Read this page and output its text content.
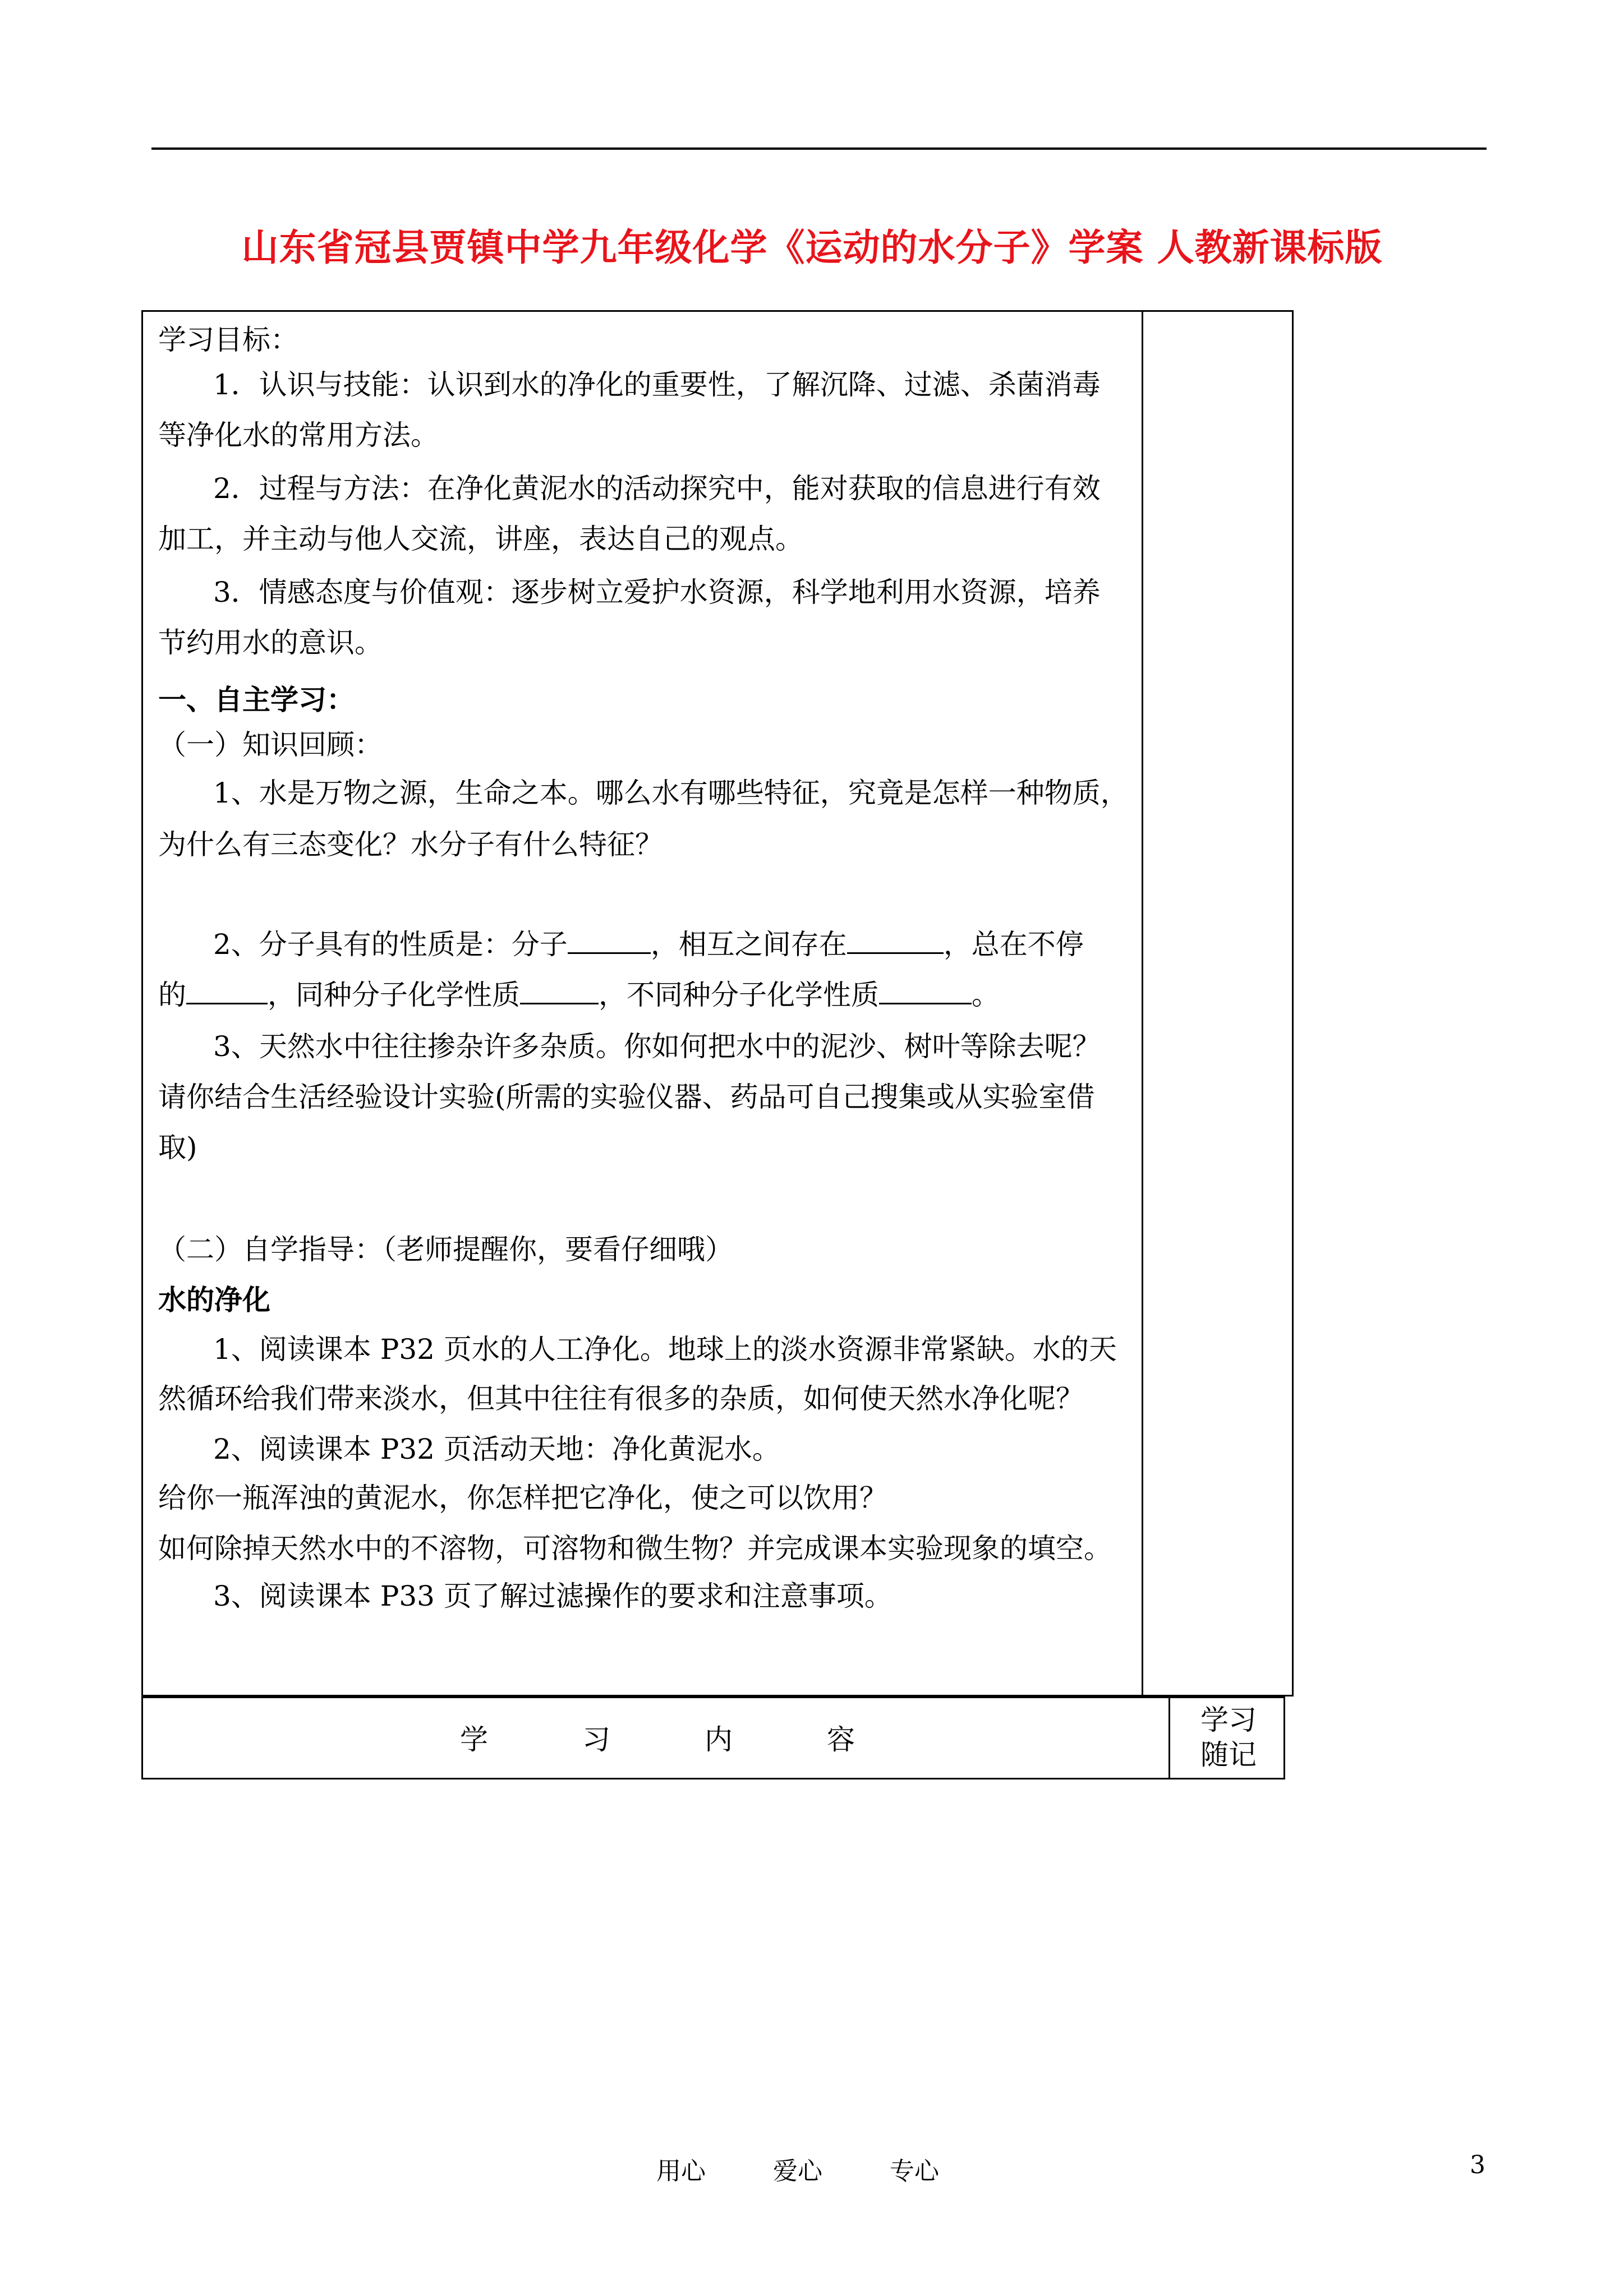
山东省冠县贾镇中学九年级化学《运动的水分子》学案 人教新课标版
学习目标：
1．认识与技能：认识到水的净化的重要性，了解沉降、过滤、杀菌消毒
等净化水的常用方法。
2．过程与方法：在净化黄泥水的活动探究中，能对获取的信息进行有效
加工，并主动与他人交流，讲座，表达自己的观点。
3．情感态度与价值观：逐步树立爱护水资源，科学地利用水资源，培养
节约用水的意识。
一、自主学习：
（一）知识回顾：
1、水是万物之源，生命之本。哪么水有哪些特征，究竟是怎样一种物质，
为什么有三态变化？水分子有什么特征？
2、分子具有的性质是：分子	，相互之间存在	，总在不停
的	，同种分子化学性质	，不同种分子化学性质	。
3、天然水中往往掺杂许多杂质。你如何把水中的泥沙、树叶等除去呢？
请你结合生活经验设计实验(所需的实验仪器、药品可自己搜集或从实验室借
取)
（二）自学指导：（老师提醒你，要看仔细哦）
水的净化
1、阅读课本 P32 页水的人工净化。地球上的淡水资源非常紧缺。水的天
然循环给我们带来淡水，但其中往往有很多的杂质，如何使天然水净化呢？
2、阅读课本 P32 页活动天地：净化黄泥水。
给你一瓶浑浊的黄泥水，你怎样把它净化，使之可以饮用？
如何除掉天然水中的不溶物，可溶物和微生物？并完成课本实验现象的填空。
3、阅读课本 P33 页了解过滤操作的要求和注意事项。
学	习	内	容
学习
随记
用心	爱心	专心	3
